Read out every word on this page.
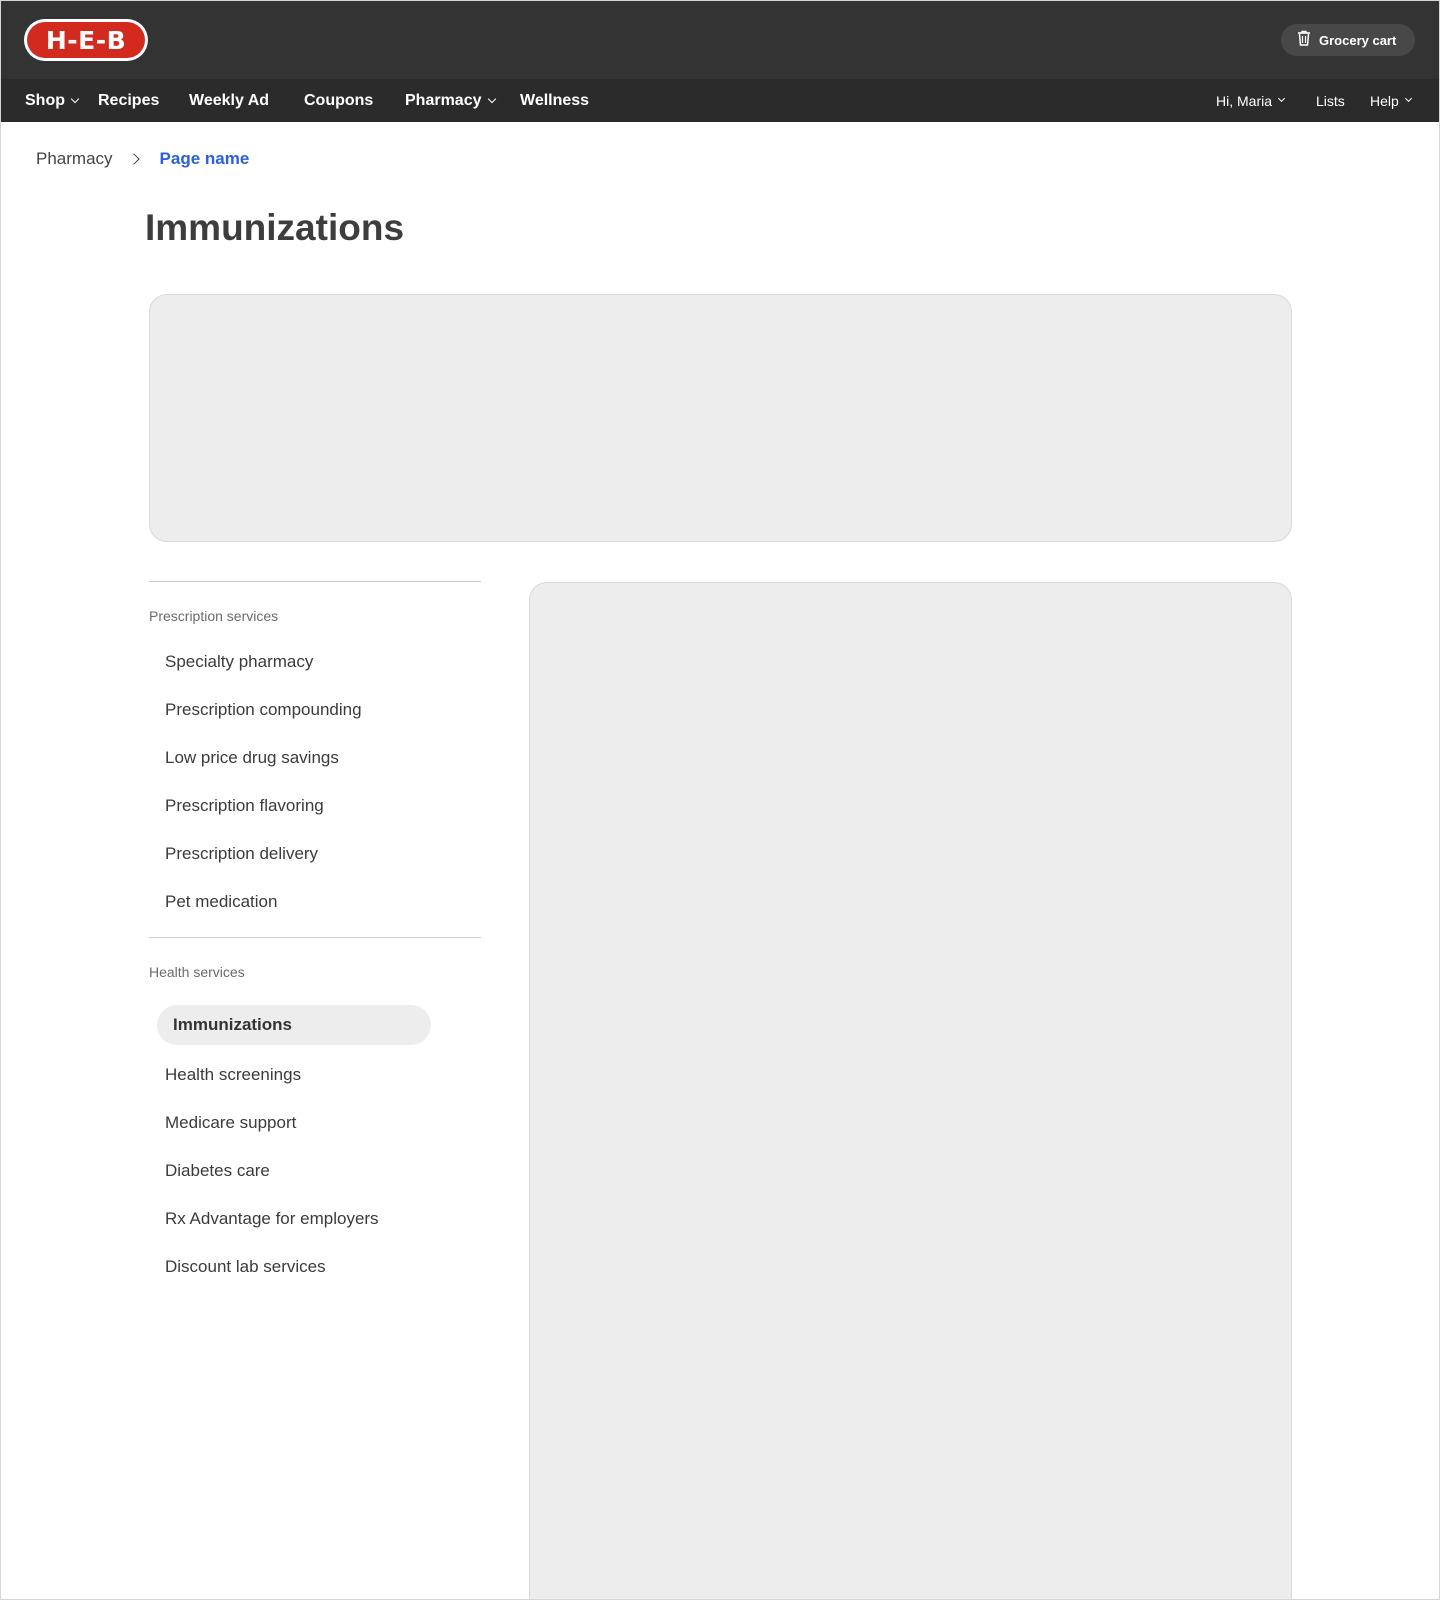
H-E-B	Grocery cart
Shop Recipes Weekly Ad Coupons Pharmacy Wellness	Hi, Maria	Lists Help
Pharmacy	Page name
Immunizations
Prescription services
Specialty pharmacy
Prescription compounding
Low price drug savings
Prescription flavoring
Prescription delivery
Pet medication
Health services
Immunizations
Health screenings
Medicare support
Diabetes care
Rx Advantage for employers
Discount lab services
